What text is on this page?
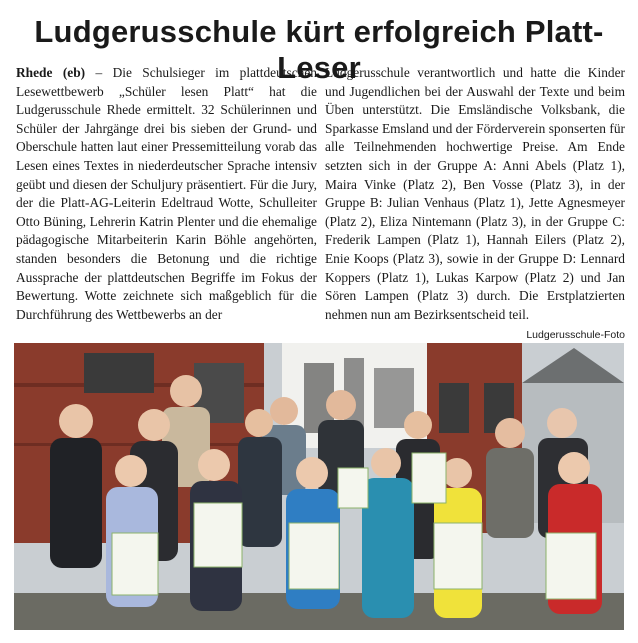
Ludgerusschule kürt erfolgreich Platt-Leser
Rhede (eb) – Die Schulsieger im plattdeutschen Lesewettbewerb „Schüler lesen Platt“ hat die Ludgerusschule Rhede ermittelt. 32 Schülerinnen und Schüler der Jahrgänge drei bis sieben der Grund- und Oberschule hatten laut einer Pressemitteilung vorab das Lesen eines Textes in niederdeutscher Sprache intensiv geübt und diesen der Schuljury präsentiert. Für die Jury, der die Platt-AG-Leiterin Edeltraud Wotte, Schulleiter Otto Büning, Lehrerin Katrin Plenter und die ehemalige pädagogische Mitarbeiterin Karin Böhle angehörten, standen besonders die Betonung und die richtige Aussprache der plattdeutschen Begriffe im Fokus der Bewertung. Wotte zeichnete sich maßgeblich für die Durchführung des Wettbewerbs an der
Ludgerusschule verantwortlich und hatte die Kinder und Jugendlichen bei der Auswahl der Texte und beim Üben unterstützt. Die Emsländische Volksbank, die Sparkasse Emsland und der Förderverein sponserten für alle Teilnehmenden hochwertige Preise. Am Ende setzten sich in der Gruppe A: Anni Abels (Platz 1), Maira Vinke (Platz 2), Ben Vosse (Platz 3), in der Gruppe B: Julian Venhaus (Platz 1), Jette Agnesmeyer (Platz 2), Eliza Nintemann (Platz 3), in der Gruppe C: Frederik Lampen (Platz 1), Hannah Eilers (Platz 2), Enie Koops (Platz 3), sowie in der Gruppe D: Lennard Koppers (Platz 1), Lukas Karpow (Platz 2) und Jan Sören Lampen (Platz 3) durch. Die Erstplatzierten nehmen nun am Bezirksentscheid teil.
Ludgerusschule-Foto
